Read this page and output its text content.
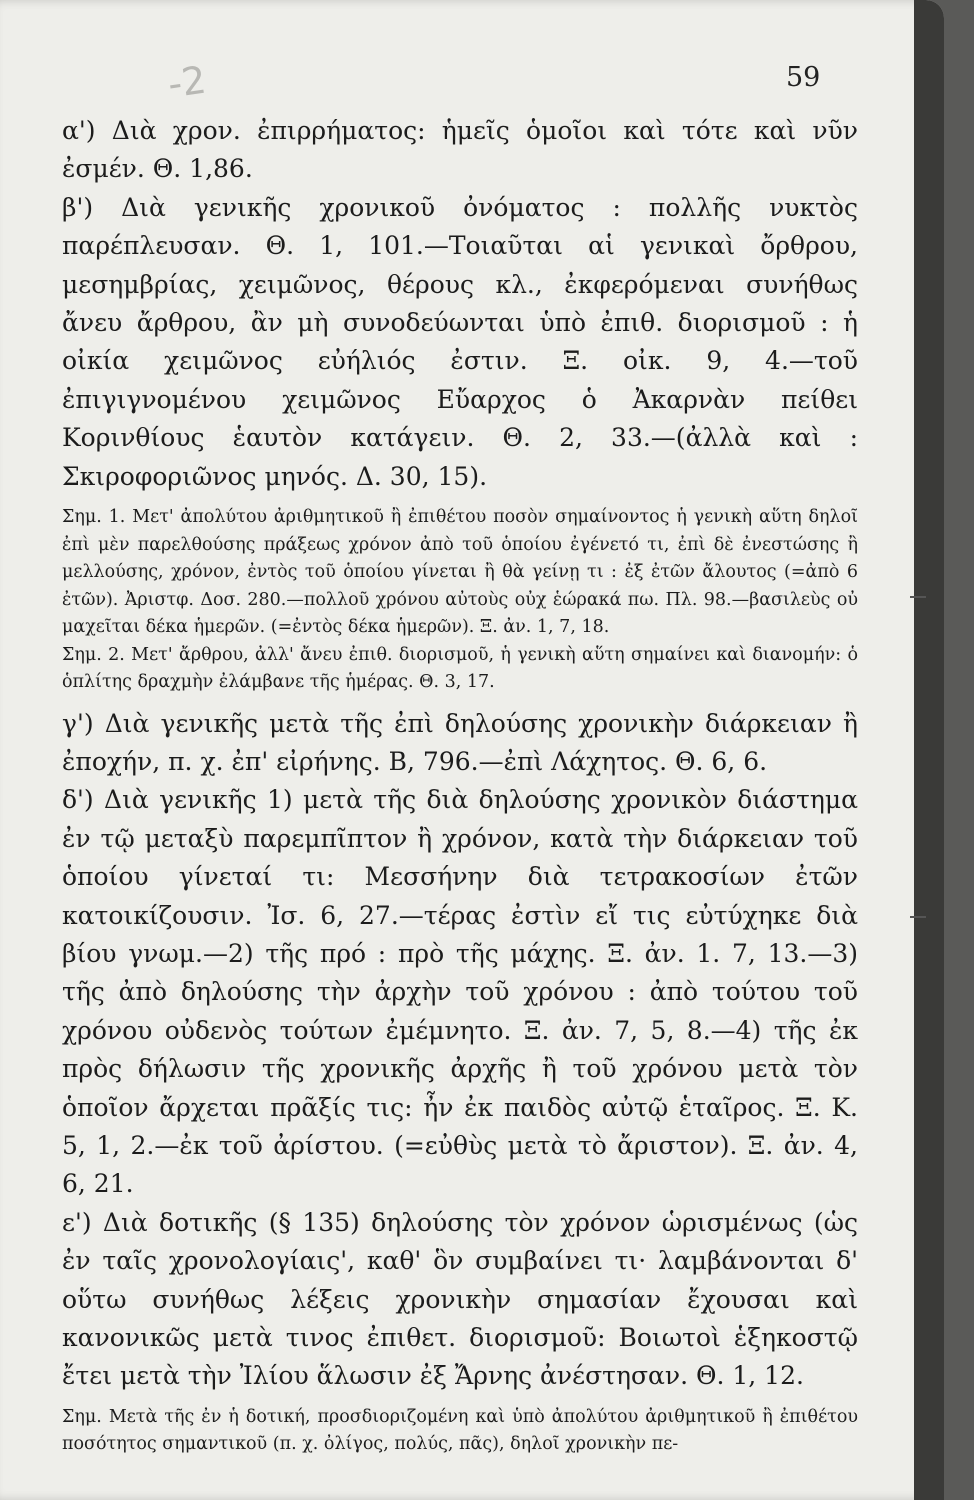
-2	59

α') Διὰ χρον. ἐπιρρήματος: ἡμεῖς ὁμοῖοι καὶ τότε καὶ νῦν ἐσμέν. Θ. 1,86.

β') Διὰ γενικῆς χρονικοῦ ὀνόματος : πολλῆς νυκτὸς παρέπλευσαν. Θ. 1, 101.—Τοιαῦται αἱ γενικαὶ ὄρθρου, μεσημβρίας, χειμῶνος, θέρους κλ., ἐκφερόμεναι συνήθως ἄνευ ἄρθρου, ἂν μὴ συνοδεύωνται ὑπὸ ἐπιθ. διορισμοῦ : ἡ οἰκία χειμῶνος εὐήλιός ἐστιν. Ξ. οἰκ. 9, 4.—τοῦ ἐπιγιγνομένου χειμῶνος Εὔαρχος ὁ Ἀκαρνὰν πείθει Κορινθίους ἑαυτὸν κατάγειν. Θ. 2, 33.—(ἀλλὰ καὶ : Σκιροφοριῶνος μηνός. Δ. 30, 15).

Σημ. 1. Μετ' ἀπολύτου ἀριθμητικοῦ ἢ ἐπιθέτου ποσὸν σημαίνοντος ἡ γενικὴ αὕτη δηλοῖ ἐπὶ μὲν παρελθούσης πράξεως χρόνον ἀπὸ τοῦ ὁποίου ἐγένετό τι, ἐπὶ δὲ ἐνεστώσης ἢ μελλούσης, χρόνον, ἐντὸς τοῦ ὁποίου γίνεται ἢ θὰ γείνῃ τι : ἐξ ἐτῶν ἄλουτος (=ἀπὸ 6 ἐτῶν). Ἀριστφ. Δοσ. 280.—πολλοῦ χρόνου αὐτοὺς οὐχ ἑώρακά πω. Πλ. 98.—βασιλεὺς οὐ μαχεῖται δέκα ἡμερῶν. (=ἐντὸς δέκα ἡμερῶν). Ξ. ἀν. 1, 7, 18.

Σημ. 2. Μετ' ἄρθρου, ἀλλ' ἄνευ ἐπιθ. διορισμοῦ, ἡ γενικὴ αὕτη σημαίνει καὶ διανομήν: ὁ ὁπλίτης δραχμὴν ἐλάμβανε τῆς ἡμέρας. Θ. 3, 17.

γ') Διὰ γενικῆς μετὰ τῆς ἐπὶ δηλούσης χρονικὴν διάρκειαν ἢ ἐποχήν, π. χ. ἐπ' εἰρήνης. Β, 796.—ἐπὶ Λάχητος. Θ. 6, 6.

δ') Διὰ γενικῆς 1) μετὰ τῆς διὰ δηλούσης χρονικὸν διάστημα ἐν τῷ μεταξὺ παρεμπῖπτον ἢ χρόνον, κατὰ τὴν διάρκειαν τοῦ ὁποίου γίνεταί τι: Μεσσήνην διὰ τετρακοσίων ἐτῶν κατοικίζουσιν. Ἰσ. 6, 27.—τέρας ἐστὶν εἴ τις εὐτύχηκε διὰ βίου γνωμ.—2) τῆς πρό : πρὸ τῆς μάχης. Ξ. ἀν. 1. 7, 13.—3) τῆς ἀπὸ δηλούσης τὴν ἀρχὴν τοῦ χρόνου : ἀπὸ τούτου τοῦ χρόνου οὐδενὸς τούτων ἐμέμνητο. Ξ. ἀν. 7, 5, 8.—4) τῆς ἐκ πρὸς δήλωσιν τῆς χρονικῆς ἀρχῆς ἢ τοῦ χρόνου μετὰ τὸν ὁποῖον ἄρχεται πρᾶξίς τις: ἦν ἐκ παιδὸς αὐτῷ ἑταῖρος. Ξ. Κ. 5, 1, 2.—ἐκ τοῦ ἀρίστου. (=εὐθὺς μετὰ τὸ ἄριστον). Ξ. ἀν. 4, 6, 21.

ε') Διὰ δοτικῆς (§ 135) δηλούσης τὸν χρόνον ὡρισμένως (ὡς ἐν ταῖς χρονολογίαις', καθ' ὃν συμβαίνει τι· λαμβάνονται δ' οὕτω συνήθως λέξεις χρονικὴν σημασίαν ἔχουσαι καὶ κανονικῶς μετὰ τινος ἐπιθετ. διορισμοῦ: Βοιωτοὶ ἑξηκοστῷ ἔτει μετὰ τὴν Ἰλίου ἅλωσιν ἐξ Ἄρνης ἀνέστησαν. Θ. 1, 12.

Σημ. Μετὰ τῆς ἐν ἡ δοτική, προσδιοριζομένη καὶ ὑπὸ ἀπολύτου ἀριθμητικοῦ ἢ ἐπιθέτου ποσότητος σημαντικοῦ (π. χ. ὀλίγος, πολύς, πᾶς), δηλοῖ χρονικὴν πε-
